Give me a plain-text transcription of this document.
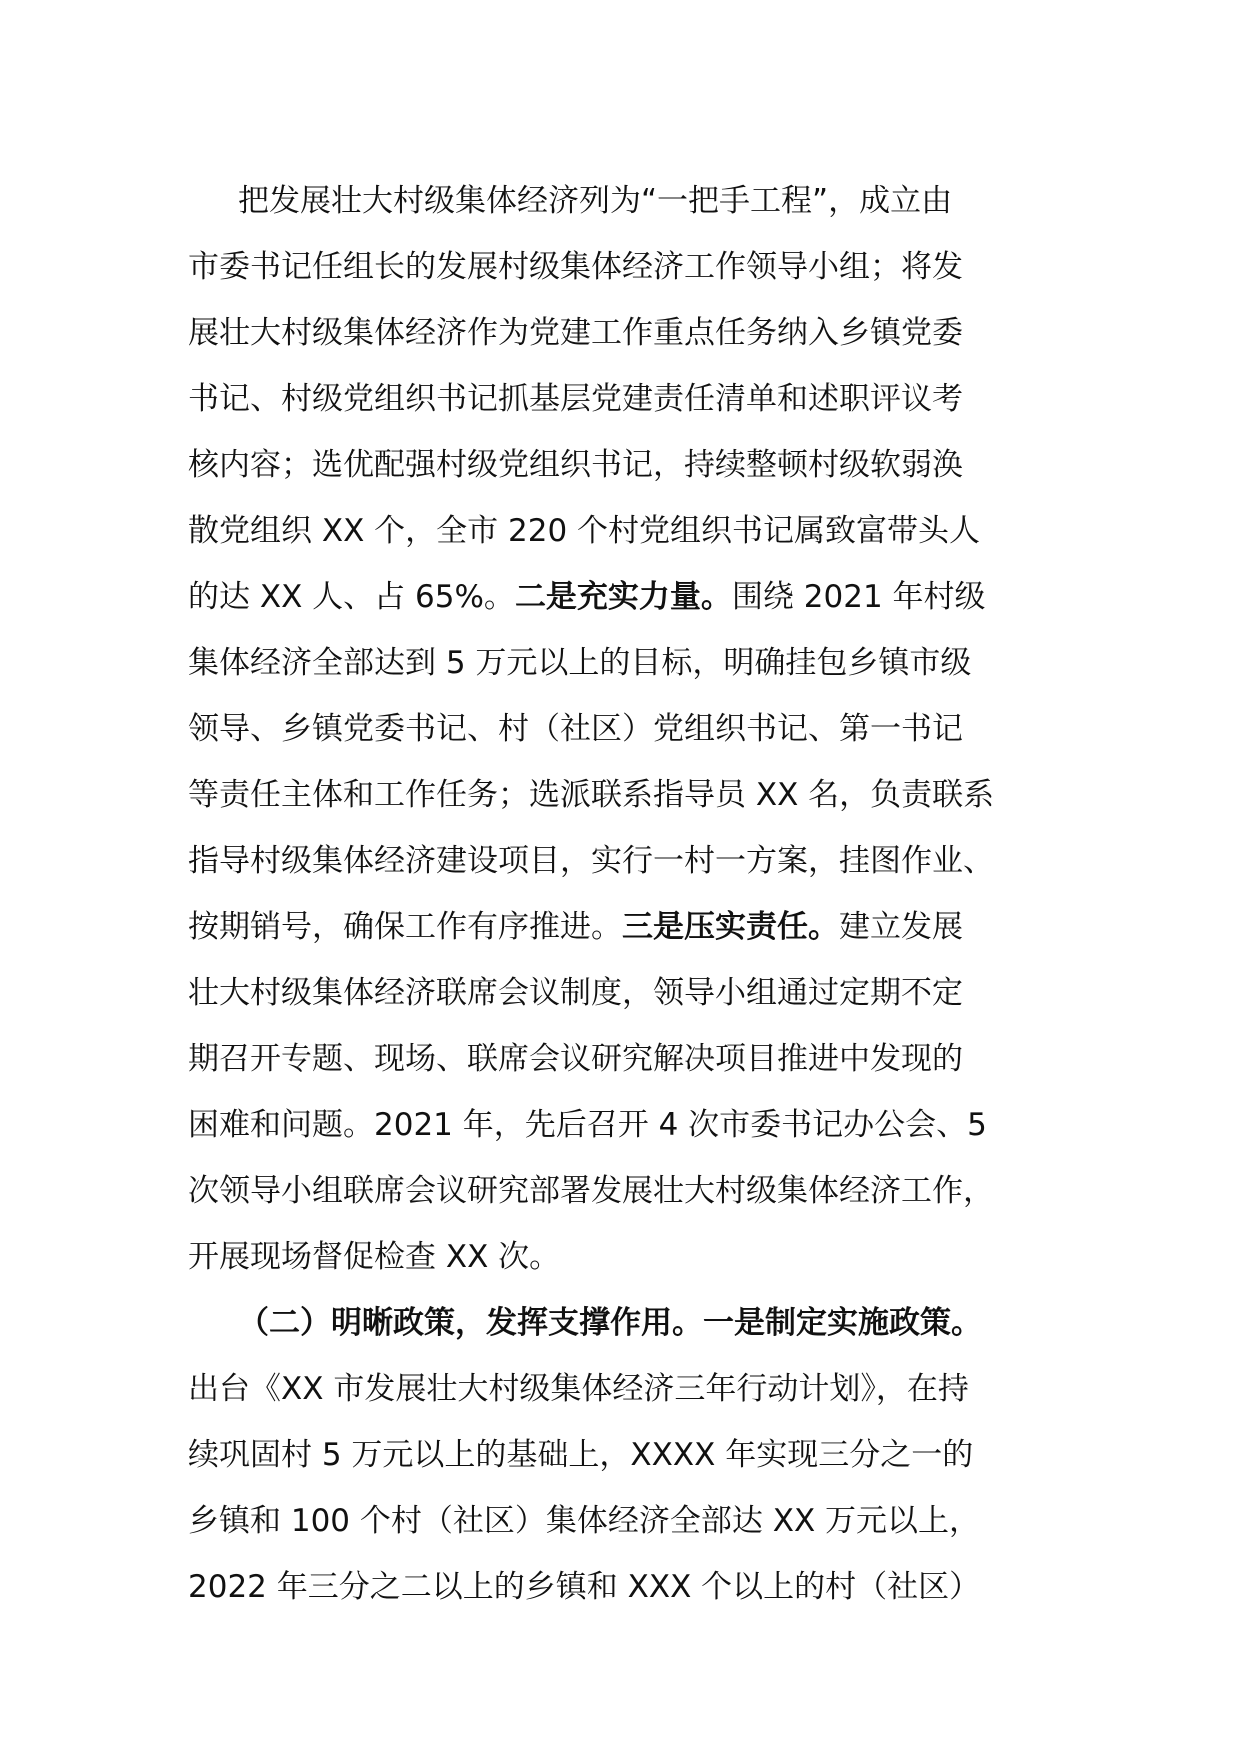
把发展壮大村级集体经济列为“一把手工程”，成立由
市委书记任组长的发展村级集体经济工作领导小组；将发
展壮大村级集体经济作为党建工作重点任务纳入乡镇党委
书记、村级党组织书记抓基层党建责任清单和述职评议考
核内容；选优配强村级党组织书记，持续整顿村级软弱涣
散党组织 XX 个，全市 220 个村党组织书记属致富带头人
的达 XX 人、占 65%。二是充实力量。围绕 2021 年村级
集体经济全部达到 5 万元以上的目标，明确挂包乡镇市级
领导、乡镇党委书记、村（社区）党组织书记、第一书记
等责任主体和工作任务；选派联系指导员 XX 名，负责联系
指导村级集体经济建设项目，实行一村一方案，挂图作业、
按期销号，确保工作有序推进。三是压实责任。建立发展
壮大村级集体经济联席会议制度，领导小组通过定期不定
期召开专题、现场、联席会议研究解决项目推进中发现的
困难和问题。2021 年，先后召开 4 次市委书记办公会、5
次领导小组联席会议研究部署发展壮大村级集体经济工作，
开展现场督促检查 XX 次。
（二）明晰政策，发挥支撑作用。一是制定实施政策。
出台《XX 市发展壮大村级集体经济三年行动计划》，在持
续巩固村 5 万元以上的基础上，XXXX 年实现三分之一的
乡镇和 100 个村（社区）集体经济全部达 XX 万元以上，
2022 年三分之二以上的乡镇和 XXX 个以上的村（社区）
